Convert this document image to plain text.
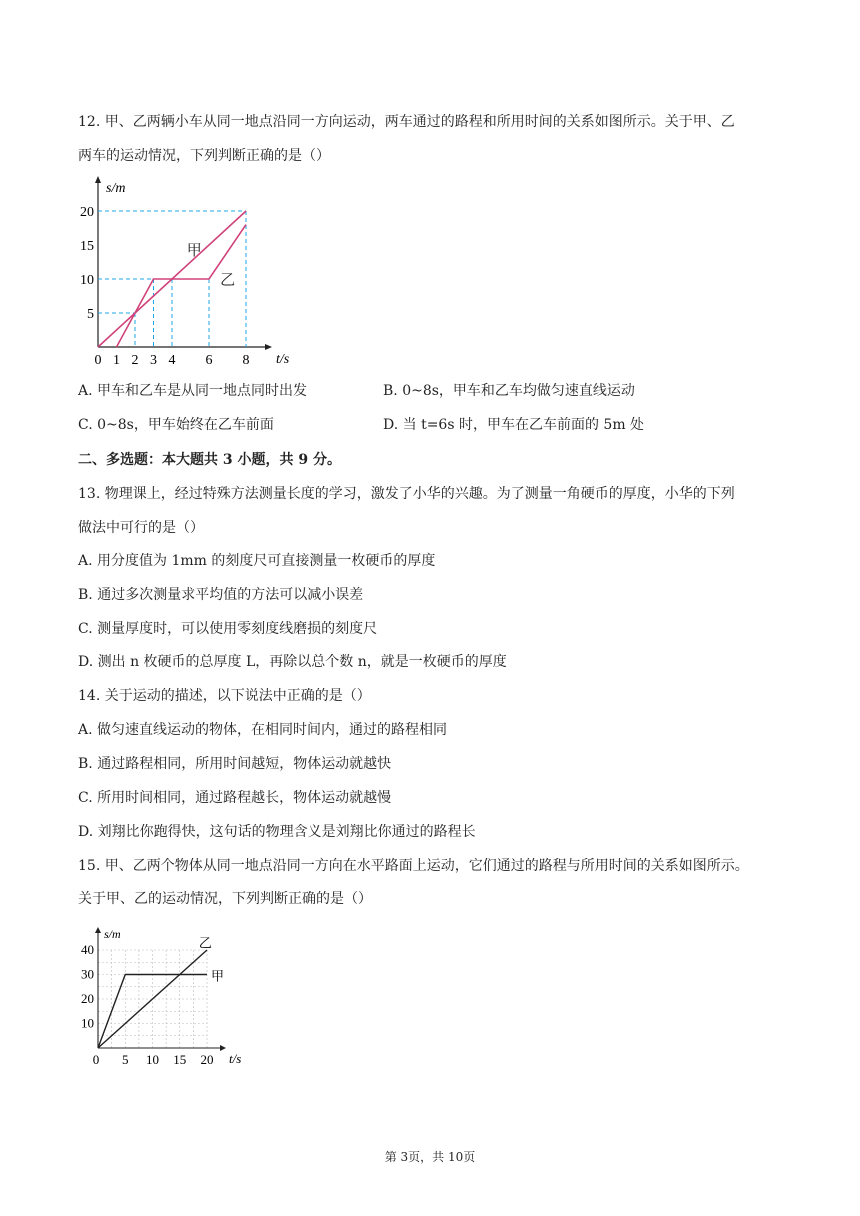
12. 甲、乙两辆小车从同一地点沿同一方向运动，两车通过的路程和所用时间的关系如图所示。关于甲、乙
两车的运动情况，下列判断正确的是（）
甲
乙
0 1 2 3 4 6 8
5
10
15
20
t/s
s/m
A. 甲车和乙车是从同一地点同时出发	B. 0~8s，甲车和乙车均做匀速直线运动
C. 0~8s，甲车始终在乙车前面	D. 当 t=6s 时，甲车在乙车前面的 5m 处
二、多选题：本大题共 3 小题，共 9 分。
13. 物理课上，经过特殊方法测量长度的学习，激发了小华的兴趣。为了测量一角硬币的厚度，小华的下列
做法中可行的是（）
A. 用分度值为 1mm 的刻度尺可直接测量一枚硬币的厚度
B. 通过多次测量求平均值的方法可以减小误差
C. 测量厚度时，可以使用零刻度线磨损的刻度尺
D. 测出 n 枚硬币的总厚度 L，再除以总个数 n，就是一枚硬币的厚度
14. 关于运动的描述，以下说法中正确的是（）
A. 做匀速直线运动的物体，在相同时间内，通过的路程相同
B. 通过路程相同，所用时间越短，物体运动就越快
C. 所用时间相同，通过路程越长，物体运动就越慢
D. 刘翔比你跑得快，这句话的物理含义是刘翔比你通过的路程长
15. 甲、乙两个物体从同一地点沿同一方向在水平路面上运动，它们通过的路程与所用时间的关系如图所示。
关于甲、乙的运动情况，下列判断正确的是（）
甲
乙
0 5 10 15 20
10
20
30
40
t/s
s/m
第 3页，共 10页
